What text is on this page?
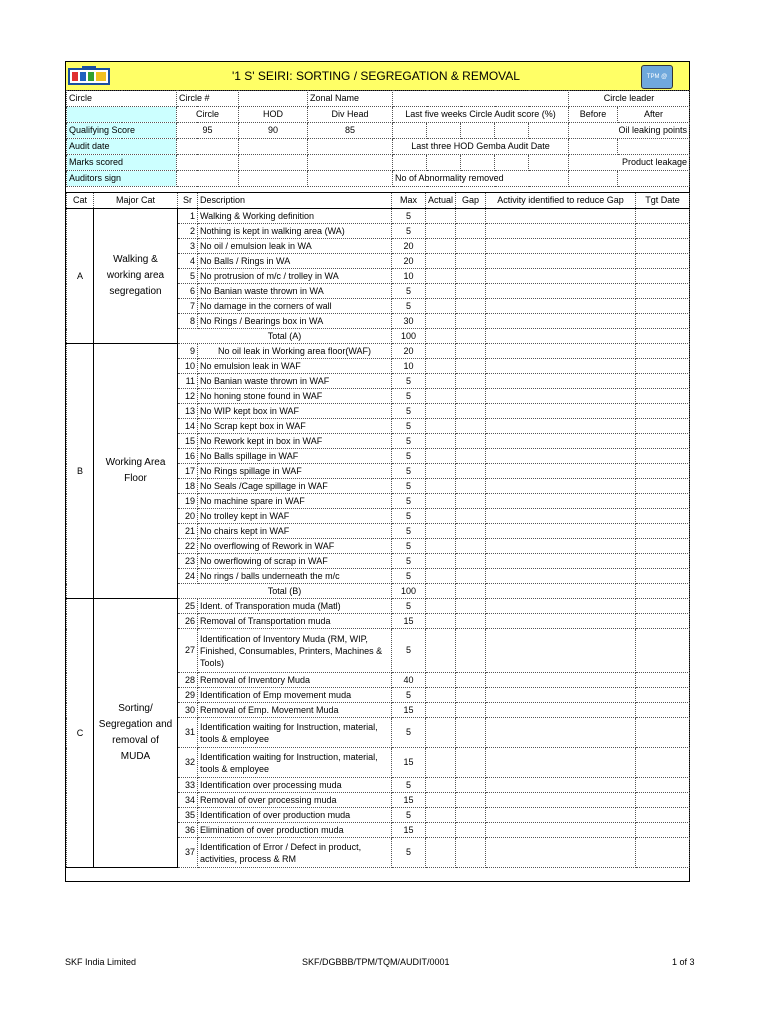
'1 S' SEIRI: SORTING / SEGREGATION & REMOVAL	TPM @ SKF
Circle	Circle #		Zonal Name						Circle leader	
	Circle	HOD	Div Head	Last five weeks Circle Audit score (%)					Before	After
Qualifying Score	95	90	85						Oil leaking points	
Audit date				Last three HOD Gemba Audit Date						
Marks scored									Product leakage	
Auditors sign				No of Abnormality removed						
Cat	Major Cat	Sr	Description	Max	Actual	Gap	Activity identified to reduce Gap	Tgt Date
A	Walking & working area segregation	1	Walking & Working definition	5				
		2	Nothing is kept in walking area (WA)	5				
		3	No oil / emulsion leak in WA	20				
		4	No Balls / Rings in WA	20				
		5	No protrusion of m/c / trolley in WA	10				
		6	No Banian waste thrown in WA	5				
		7	No damage in the corners of wall	5				
		8	No Rings / Bearings box in WA	30				
		Total (A)		100				
B	Working Area Floor	9	No oil leak in Working area floor(WAF)	20				
		10	No emulsion leak in WAF	10				
		11	No Banian waste thrown in WAF	5				
		12	No honing stone found in WAF	5				
		13	No WIP kept box in WAF	5				
		14	No Scrap kept box in WAF	5				
		15	No Rework kept in box in WAF	5				
		16	No Balls spillage in WAF	5				
		17	No Rings spillage in WAF	5				
		18	No Seals /Cage spillage in WAF	5				
		19	No machine spare in WAF	5				
		20	No trolley kept in WAF	5				
		21	No chairs kept in WAF	5				
		22	No overflowing of Rework in WAF	5				
		23	No owerflowing of scrap in WAF	5				
		24	No rings / balls underneath the m/c	5				
		Total (B)		100				
C	Sorting/ Segregation and removal of MUDA	25	Ident. of Transporation muda (Matl)	5				
		26	Removal of Transportation muda	15				
		27	Identification of Inventory Muda (RM, WIP, Finished, Consumables, Printers, Machines & Tools)	5				
		28	Removal of Inventory Muda	40				
		29	Identification of Emp movement muda	5				
		30	Removal of Emp. Movement Muda	15				
		31	Identification waiting for Instruction, material, tools & employee	5				
		32	Identification waiting for Instruction, material, tools & employee	15				
		33	Identification over processing muda	5				
		34	Removal of over processing muda	15				
		35	Identification of over production muda	5				
		36	Elimination of over production muda	15				
		37	Identification of Error / Defect in product, activities, process & RM	5				
SKF India Limited	SKF/DGBBB/TPM/TQM/AUDIT/0001	1 of 3
